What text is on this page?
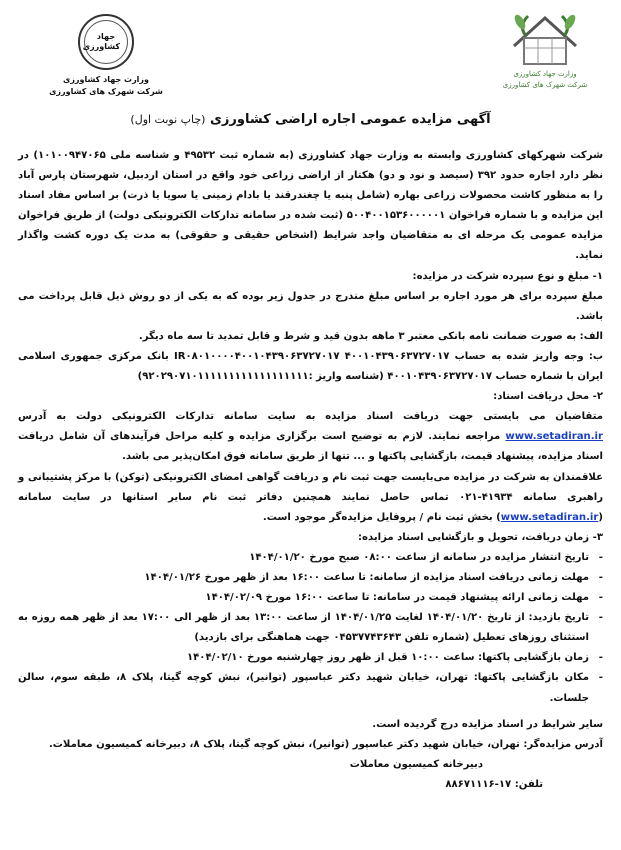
وزارت جهاد کشاورزی
شرکت شهرک های کشاورزی
جهاد
کشاورزی
وزارت جهاد کشاورزی
شرکت شهرک های کشاورزی
آگهی مزایده عمومی اجاره اراضی کشاورزی (چاپ نوبت اول)

شرکت شهرکهای کشاورزی وابسته به وزارت جهاد کشاورزی (به شماره ثبت ۴۹۵۳۲ و شناسه ملی ۱۰۱۰۰۹۴۷۰۶۵) در نظر دارد اجاره حدود ۳۹۲ (سیصد و نود و دو) هکتار از اراضی زراعی خود واقع در استان اردبیل، شهرستان پارس آباد را به منظور کاشت محصولات زراعی بهاره (شامل پنبه یا چغندرقند یا بادام زمینی یا سویا یا ذرت) بر اساس مفاد اسناد این مزایده و با شماره فراخوان ۵۰۰۴۰۰۱۵۳۶۰۰۰۰۰۱ (ثبت شده در سامانه تدارکات الکترونیکی دولت) از طریق فراخوان مزایده عمومی یک مرحله ای به متقاضیان واجد شرایط (اشخاص حقیقی و حقوقی) به مدت یک دوره کشت واگذار نماید.

۱- مبلغ و نوع سپرده شرکت در مزایده:

مبلغ سپرده برای هر مورد اجاره بر اساس مبلغ مندرج در جدول زیر بوده که به یکی از دو روش ذیل قابل پرداخت می باشد.

الف: به صورت ضمانت نامه بانکی معتبر ۳ ماهه بدون قید و شرط و قابل تمدید تا سه ماه دیگر.

ب: وجه واریز شده به حساب ۴۰۰۱۰۴۳۹۰۶۳۷۲۷۰۱۷ IR۰۸۰۱۰۰۰۰۴۰۰۱۰۴۳۹۰۶۳۷۲۷۰۱۷ بانک مرکزی جمهوری اسلامی ایران با شماره حساب ۴۰۰۱۰۴۳۹۰۶۳۷۲۷۰۱۷ (شناسه واریز :۹۲۰۲۹۰۷۱۰۱۱۱۱۱۱۱۱۱۱۱۱۱۱۱۱۱۱)

۲- محل دریافت اسناد:

متقاضیان می بایستی جهت دریافت اسناد مزایده به سایت سامانه تدارکات الکترونیکی دولت به آدرس www.setadiran.ir مراجعه نمایند. لازم به توضیح است برگزاری مزایده و کلیه مراحل فرآیندهای آن شامل دریافت اسناد مزایده، پیشنهاد قیمت، بازگشایی پاکتها و ... تنها از طریق سامانه فوق امکان‌پذیر می باشد.

علاقمندان به شرکت در مزایده می‌بایست جهت ثبت نام و دریافت گواهی امضای الکترونیکی (توکن) با مرکز پشتیبانی و راهبری سامانه ۴۱۹۳۴-۰۲۱ تماس حاصل نمایند همچنین دفاتر ثبت نام سایر استانها در سایت سامانه (www.setadiran.ir) بخش ثبت نام / پروفایل مزایده‌گر موجود است.

۳- زمان دریافت، تحویل و بازگشایی اسناد مزایده:

- تاریخ انتشار مزایده در سامانه از ساعت ۰۸:۰۰ صبح مورخ ۱۴۰۴/۰۱/۲۰
- مهلت زمانی دریافت اسناد مزایده از سامانه: تا ساعت ۱۶:۰۰ بعد از ظهر مورخ ۱۴۰۴/۰۱/۲۶
- مهلت زمانی ارائه پیشنهاد قیمت در سامانه: تا ساعت ۱۶:۰۰ مورخ ۱۴۰۴/۰۲/۰۹
- تاریخ بازدید: از تاریخ ۱۴۰۴/۰۱/۲۰ لغایت ۱۴۰۴/۰۱/۲۵ از ساعت ۱۳:۰۰ بعد از ظهر الی ۱۷:۰۰ بعد از ظهر همه روزه به استثنای روزهای تعطیل (شماره تلفن ۰۴۵۳۷۷۴۳۶۴۳ جهت هماهنگی برای بازدید)
- زمان بازگشایی پاکتها: ساعت ۱۰:۰۰ قبل از ظهر روز چهارشنبه مورخ ۱۴۰۴/۰۲/۱۰
- مکان بازگشایی پاکتها: تهران، خیابان شهید دکتر عباسپور (توانیر)، نبش کوچه گیتا، پلاک ۸، طبقه سوم، سالن جلسات.

سایر شرایط در اسناد مزایده درج گردیده است.

آدرس مزایده‌گر: تهران، خیابان شهید دکتر عباسپور (توانیر)، نبش کوچه گیتا، پلاک ۸، دبیرخانه کمیسیون معاملات.

دبیرخانه کمیسیون معاملات

تلفن: ۱۷-۸۸۶۷۱۱۱۶
